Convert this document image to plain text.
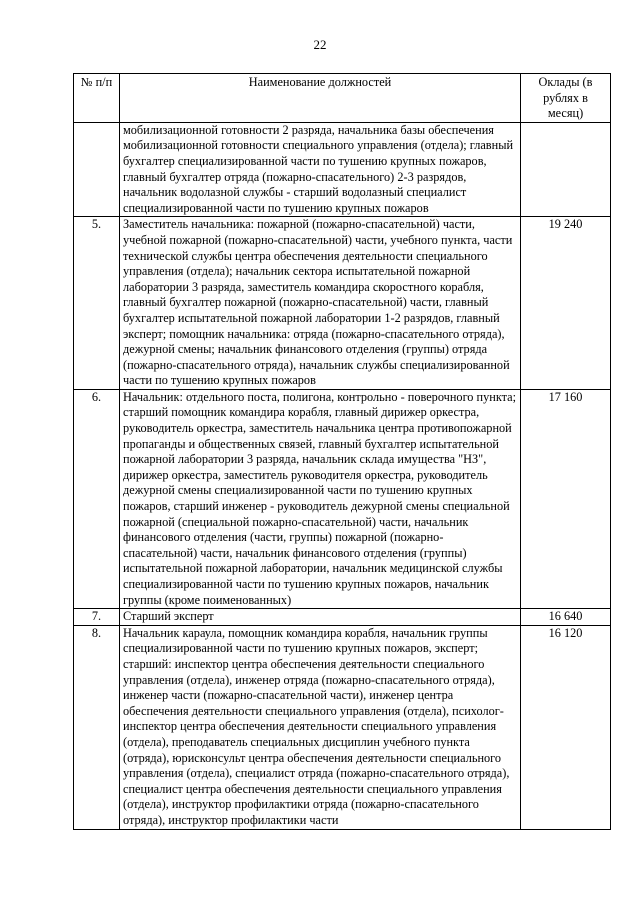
22
№ п/п	Наименование должностей	Оклады (в рублях в месяц)
	мобилизационной готовности 2 разряда, начальника базы обеспечения мобилизационной готовности специального управления (отдела); главный бухгалтер специализированной части по тушению крупных пожаров, главный бухгалтер отряда (пожарно-спасательного) 2-3 разрядов, начальник водолазной службы - старший водолазный специалист специализированной части по тушению крупных пожаров	
5.	Заместитель начальника: пожарной (пожарно-спасательной) части, учебной пожарной (пожарно-спасательной) части, учебного пункта, части технической службы центра обеспечения деятельности специального управления (отдела); начальник сектора испытательной пожарной лаборатории 3 разряда, заместитель командира скоростного корабля, главный бухгалтер пожарной (пожарно-спасательной) части, главный бухгалтер испытательной пожарной лаборатории 1-2 разрядов, главный эксперт; помощник начальника: отряда (пожарно-спасательного отряда), дежурной смены; начальник финансового отделения (группы) отряда (пожарно-спасательного отряда), начальник службы специализированной части по тушению крупных пожаров	19 240
6.	Начальник: отдельного поста, полигона, контрольно - поверочного пункта; старший помощник командира корабля, главный дирижер оркестра, руководитель оркестра, заместитель начальника центра противопожарной пропаганды и общественных связей, главный бухгалтер испытательной пожарной лаборатории 3 разряда, начальник склада имущества "НЗ", дирижер оркестра, заместитель руководителя оркестра, руководитель дежурной смены специализированной части по тушению крупных пожаров, старший инженер - руководитель дежурной смены специальной пожарной (специальной пожарно-спасательной) части, начальник финансового отделения (части, группы) пожарной (пожарно-спасательной) части, начальник финансового отделения (группы) испытательной пожарной лаборатории, начальник медицинской службы специализированной части по тушению крупных пожаров, начальник группы (кроме поименованных)	17 160
7.	Старший эксперт	16 640
8.	Начальник караула, помощник командира корабля, начальник группы специализированной части по тушению крупных пожаров, эксперт; старший: инспектор центра обеспечения деятельности специального управления (отдела), инженер отряда (пожарно-спасательного отряда), инженер части (пожарно-спасательной части), инженер центра обеспечения деятельности специального управления (отдела), психолог-инспектор центра обеспечения деятельности специального управления (отдела), преподаватель специальных дисциплин учебного пункта (отряда), юрисконсульт центра обеспечения деятельности специального управления (отдела), специалист отряда (пожарно-спасательного отряда), специалист центра обеспечения деятельности специального управления (отдела), инструктор профилактики отряда (пожарно-спасательного отряда), инструктор профилактики части	16 120
